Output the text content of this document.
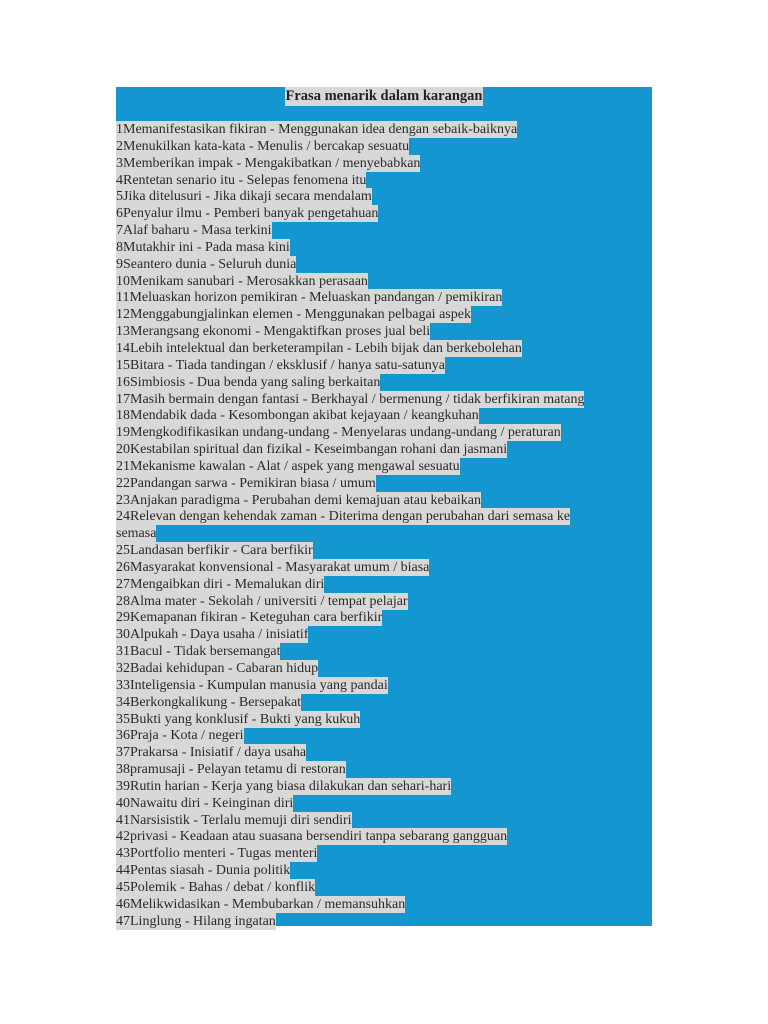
Frasa menarik dalam karangan
1Memanifestasikan fikiran - Menggunakan idea dengan sebaik-baiknya
2Menukilkan kata-kata - Menulis / bercakap sesuatu
3Memberikan impak - Mengakibatkan / menyebabkan
4Rentetan senario itu - Selepas fenomena itu
5Jika ditelusuri - Jika dikaji secara mendalam
6Penyalur ilmu - Pemberi banyak pengetahuan
7Alaf baharu - Masa terkini
8Mutakhir ini - Pada masa kini
9Seantero dunia - Seluruh dunia
10Menikam sanubari - Merosakkan perasaan
11Meluaskan horizon pemikiran - Meluaskan pandangan / pemikiran
12Menggabungjalinkan elemen - Menggunakan pelbagai aspek
13Merangsang ekonomi - Mengaktifkan proses jual beli
14Lebih intelektual dan berketerampilan - Lebih bijak dan berkebolehan
15Bitara - Tiada tandingan / eksklusif / hanya satu-satunya
16Simbiosis - Dua benda yang saling berkaitan
17Masih bermain dengan fantasi - Berkhayal / bermenung / tidak berfikiran matang
18Mendabik dada - Kesombongan akibat kejayaan / keangkuhan
19Mengkodifikasikan undang-undang - Menyelaras undang-undang / peraturan
20Kestabilan spiritual dan fizikal - Keseimbangan rohani dan jasmani
21Mekanisme kawalan - Alat / aspek yang mengawal sesuatu
22Pandangan sarwa - Pemikiran biasa / umum
23Anjakan paradigma - Perubahan demi kemajuan atau kebaikan
24Relevan dengan kehendak zaman - Diterima dengan perubahan dari semasa ke
semasa
25Landasan berfikir - Cara berfikir
26Masyarakat konvensional - Masyarakat umum / biasa
27Mengaibkan diri - Memalukan diri
28Alma mater - Sekolah / universiti / tempat pelajar
29Kemapanan fikiran - Keteguhan cara berfikir
30Alpukah - Daya usaha / inisiatif
31Bacul - Tidak bersemangat
32Badai kehidupan - Cabaran hidup
33Inteligensia - Kumpulan manusia yang pandai
34Berkongkalikung - Bersepakat
35Bukti yang konklusif - Bukti yang kukuh
36Praja - Kota / negeri
37Prakarsa - Inisiatif / daya usaha
38pramusaji - Pelayan tetamu di restoran
39Rutin harian - Kerja yang biasa dilakukan dan sehari-hari
40Nawaitu diri - Keinginan diri
41Narsisistik - Terlalu memuji diri sendiri
42privasi - Keadaan atau suasana bersendiri tanpa sebarang gangguan
43Portfolio menteri - Tugas menteri
44Pentas siasah - Dunia politik
45Polemik - Bahas / debat / konflik
46Melikwidasikan - Membubarkan / memansuhkan
47Linglung - Hilang ingatan
